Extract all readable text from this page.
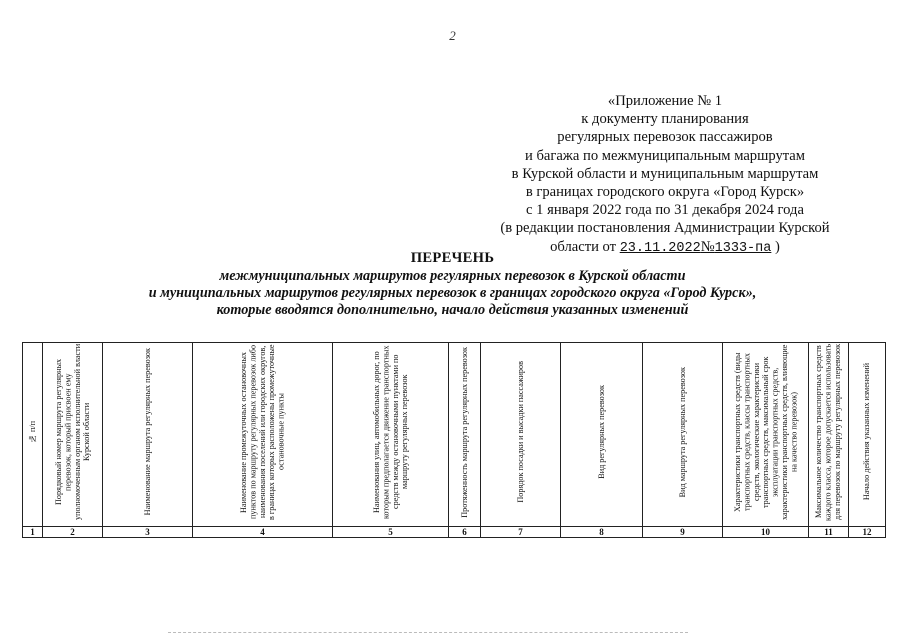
2
«Приложение № 1
к документу планирования
регулярных перевозок пассажиров
и багажа по межмуниципальным маршрутам
в Курской области и муниципальным маршрутам
в границах городского округа «Город Курск»
с 1 января 2022 года по 31 декабря 2024 года
(в редакции постановления Администрации Курской
области от 23.11.2022№1333-па )
ПЕРЕЧЕНЬ
межмуниципальных маршрутов регулярных перевозок в Курской области
и муниципальных маршрутов регулярных перевозок в границах городского округа «Город Курск»,
которые вводятся дополнительно, начало действия указанных изменений
№ п/п	Порядковый номер маршрута регулярных перевозок, который присвоен ему уполномоченным органом исполнительной власти Курской области	Наименование маршрута регулярных перевозок	Наименование промежуточных остановочных пунктов по маршруту регулярных перевозок либо наименования поселений или городских округов, в границах которых расположены промежуточные остановочные пункты	Наименования улиц, автомобильных дорог, по которым предполагается движение транспортных средств между остановочными пунктами по маршруту регулярных перевозок	Протяженность маршрута регулярных перевозок	Порядок посадки и высадки пассажиров	Вид регулярных перевозок	Вид маршрута регулярных перевозок	Характеристики транспортных средств (виды транспортных средств, классы транспортных средств, экологические характеристики транспортных средств, максимальный срок эксплуатации транспортных средств, характеристики транспортных средств, влияющие на качество перевозок)	Максимальное количество транспортных средств каждого класса, которое допускается использовать для перевозок по маршруту регулярных перевозок	Начало действия указанных изменений
1	2	3	4	5	6	7	8	9	10	11	12
